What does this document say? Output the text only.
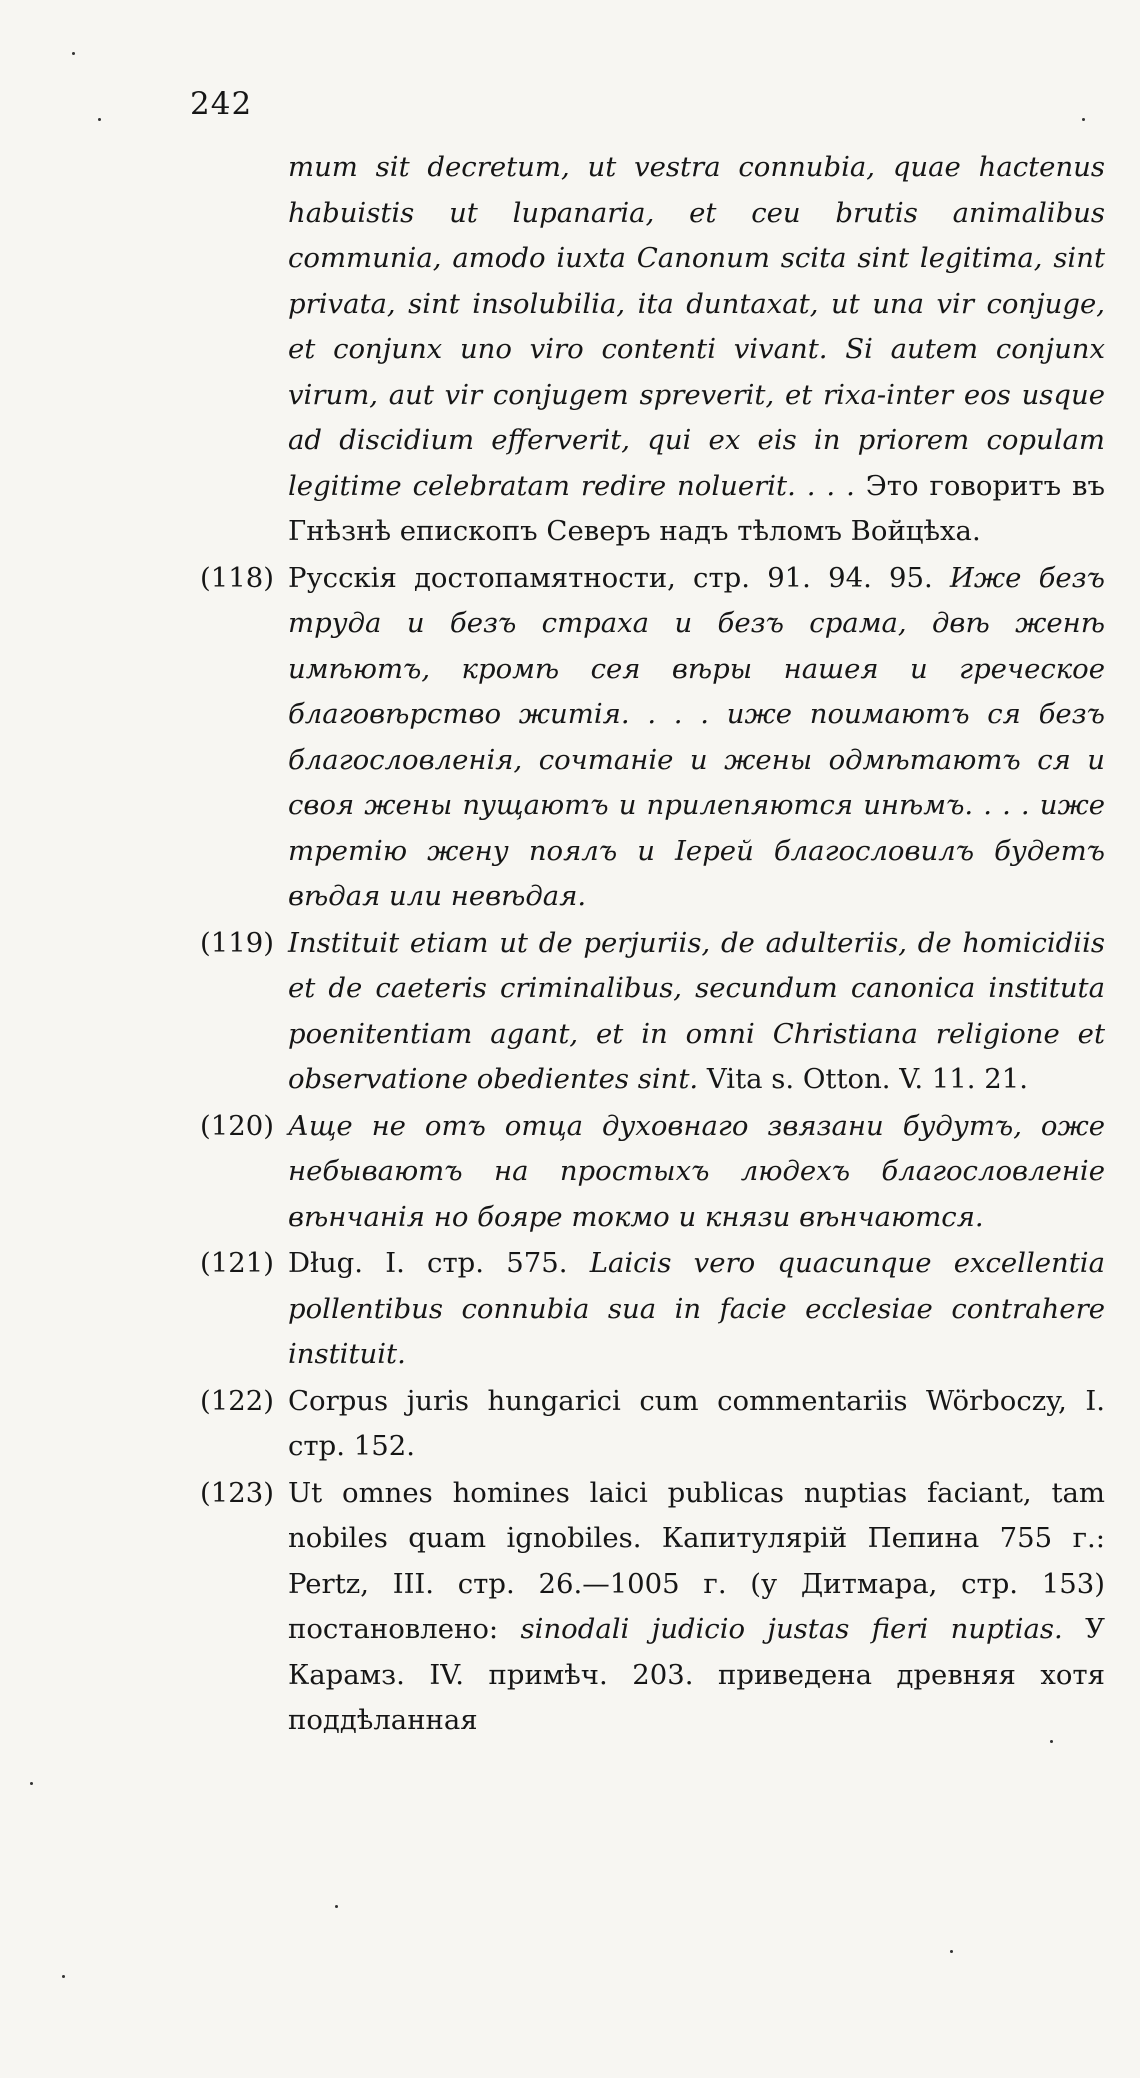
242
mum sit decretum, ut vestra connubia, quae hactenus habuistis ut lupanaria, et ceu brutis animalibus communia, amodo iuxta Canonum scita sint legitima, sint privata, sint insolubilia, ita duntaxat, ut una vir conjuge, et conjunx uno viro contenti vivant. Si autem conjunx virum, aut vir conjugem spreverit, et rixa-inter eos usque ad discidium efferverit, qui ex eis in priorem copulam legitime celebratam redire noluerit. . . . Это говоритъ въ Гнѣзнѣ епископъ Северъ надъ тѣломъ Войцѣха.
(118) Русскія достопамятности, стр. 91. 94. 95. Иже безъ труда и безъ страха и безъ срама, двѣ женѣ имѣютъ, кромѣ сея вѣры нашея и греческое благовѣрство житія. . . . иже поимаютъ ся безъ благословленія, сочтаніе и жены одмѣтаютъ ся и своя жены пущаютъ и прилепяются инѣмъ. . . . иже третію жену поялъ и Іерей благословилъ будетъ вѣдая или невѣдая.
(119) Instituit etiam ut de perjuriis, de adulteriis, de homicidiis et de caeteris criminalibus, secundum canonica instituta poenitentiam agant, et in omni Christiana religione et observatione obedientes sint. Vita s. Otton. V. 11. 21.
(120) Аще не отъ отца духовнаго звязани будутъ, оже небываютъ на простыхъ людехъ благословленіе вѣнчанія но бояре токмо и князи вѣнчаются.
(121) Dług. I. стр. 575. Laicis vero quacunque excellentia pollentibus connubia sua in facie ecclesiae contrahere instituit.
(122) Corpus juris hungarici cum commentariis Wörboczy, I. стр. 152.
(123) Ut omnes homines laici publicas nuptias faciant, tam nobiles quam ignobiles. Капитулярій Пепина 755 г.: Pertz, III. стр. 26.—1005 г. (у Дитмара, стр. 153) постановлено: sinodali judicio justas fieri nuptias. У Карамз. IV. примѣч. 203. приведена древняя хотя поддѣланная
